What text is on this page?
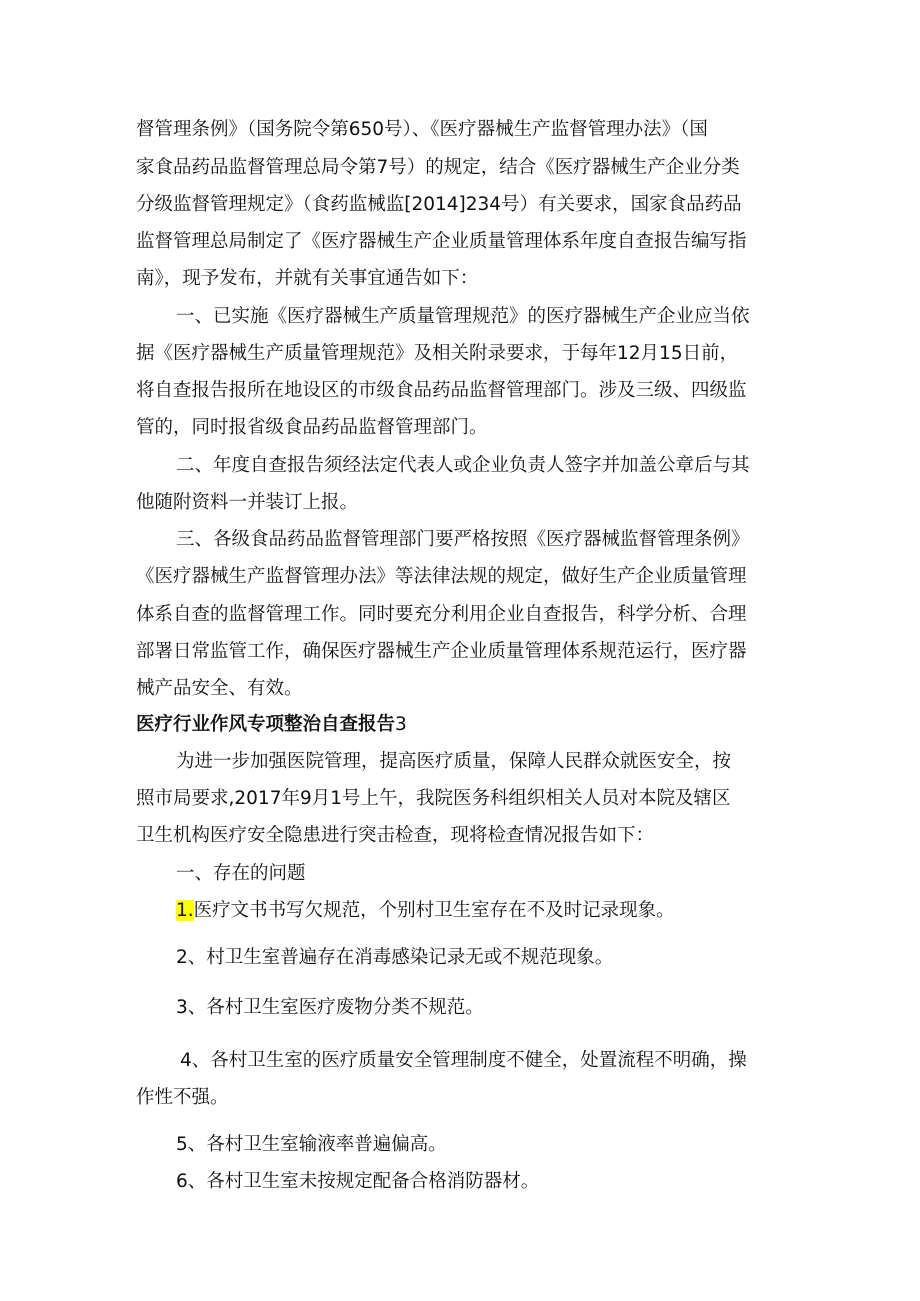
督管理条例》（国务院令第650号）、《医疗器械生产监督管理办法》（国
家食品药品监督管理总局令第7号）的规定，结合《医疗器械生产企业分类
分级监督管理规定》（食药监械监[2014]234号）有关要求，国家食品药品
监督管理总局制定了《医疗器械生产企业质量管理体系年度自查报告编写指
南》，现予发布，并就有关事宜通告如下：
一、已实施《医疗器械生产质量管理规范》的医疗器械生产企业应当依
据《医疗器械生产质量管理规范》及相关附录要求，于每年12月15日前，
将自查报告报所在地设区的市级食品药品监督管理部门。涉及三级、四级监
管的，同时报省级食品药品监督管理部门。
二、年度自查报告须经法定代表人或企业负责人签字并加盖公章后与其
他随附资料一并装订上报。
三、各级食品药品监督管理部门要严格按照《医疗器械监督管理条例》
《医疗器械生产监督管理办法》等法律法规的规定，做好生产企业质量管理
体系自查的监督管理工作。同时要充分利用企业自查报告，科学分析、合理
部署日常监管工作，确保医疗器械生产企业质量管理体系规范运行，医疗器
械产品安全、有效。
医疗行业作风专项整治自查报告3
为进一步加强医院管理，提高医疗质量，保障人民群众就医安全，按
照市局要求,2017年9月1号上午，我院医务科组织相关人员对本院及辖区
卫生机构医疗安全隐患进行突击检查，现将检查情况报告如下：
一、存在的问题
1.医疗文书书写欠规范，个别村卫生室存在不及时记录现象。
2、村卫生室普遍存在消毒感染记录无或不规范现象。
3、各村卫生室医疗废物分类不规范。
4、各村卫生室的医疗质量安全管理制度不健全，处置流程不明确，操
作性不强。
5、各村卫生室输液率普遍偏高。
6、各村卫生室未按规定配备合格消防器材。
